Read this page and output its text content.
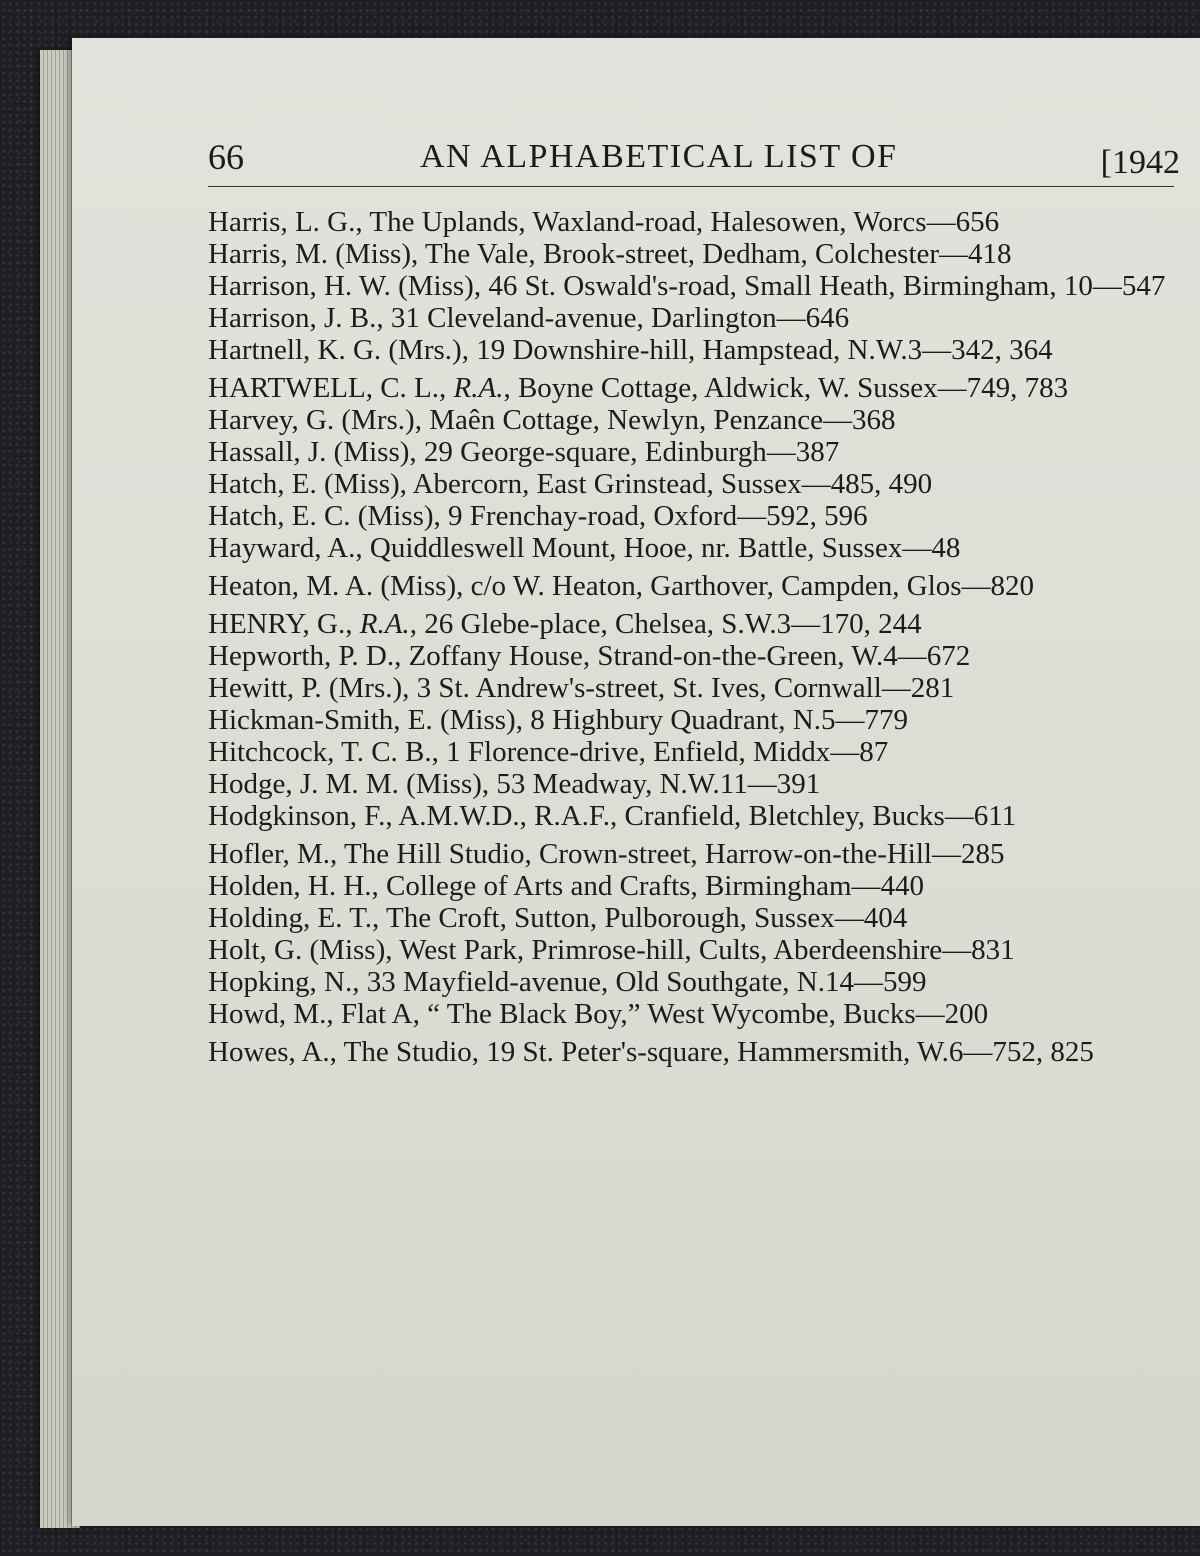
66	AN ALPHABETICAL LIST OF	[1942

Harris, L. G., The Uplands, Waxland-road, Halesowen, Worcs—656

Harris, M. (Miss), The Vale, Brook-street, Dedham, Colchester—418

Harrison, H. W. (Miss), 46 St. Oswald's-road, Small Heath, Birmingham, 10—547

Harrison, J. B., 31 Cleveland-avenue, Darlington—646

Hartnell, K. G. (Mrs.), 19 Downshire-hill, Hampstead, N.W.3—342, 364

HARTWELL, C. L., R.A., Boyne Cottage, Aldwick, W. Sussex—749, 783

Harvey, G. (Mrs.), Maên Cottage, Newlyn, Penzance—368

Hassall, J. (Miss), 29 George-square, Edinburgh—387

Hatch, E. (Miss), Abercorn, East Grinstead, Sussex—485, 490

Hatch, E. C. (Miss), 9 Frenchay-road, Oxford—592, 596

Hayward, A., Quiddleswell Mount, Hooe, nr. Battle, Sussex—48

Heaton, M. A. (Miss), c/o W. Heaton, Garthover, Campden, Glos—820

HENRY, G., R.A., 26 Glebe-place, Chelsea, S.W.3—170, 244

Hepworth, P. D., Zoffany House, Strand-on-the-Green, W.4—672

Hewitt, P. (Mrs.), 3 St. Andrew's-street, St. Ives, Cornwall—281

Hickman-Smith, E. (Miss), 8 Highbury Quadrant, N.5—779

Hitchcock, T. C. B., 1 Florence-drive, Enfield, Middx—87

Hodge, J. M. M. (Miss), 53 Meadway, N.W.11—391

Hodgkinson, F., A.M.W.D., R.A.F., Cranfield, Bletchley, Bucks—611

Hofler, M., The Hill Studio, Crown-street, Harrow-on-the-Hill—285

Holden, H. H., College of Arts and Crafts, Birmingham—440

Holding, E. T., The Croft, Sutton, Pulborough, Sussex—404

Holt, G. (Miss), West Park, Primrose-hill, Cults, Aberdeenshire—831

Hopking, N., 33 Mayfield-avenue, Old Southgate, N.14—599

Howd, M., Flat A, “ The Black Boy,” West Wycombe, Bucks—200

Howes, A., The Studio, 19 St. Peter's-square, Hammersmith, W.6—752, 825
